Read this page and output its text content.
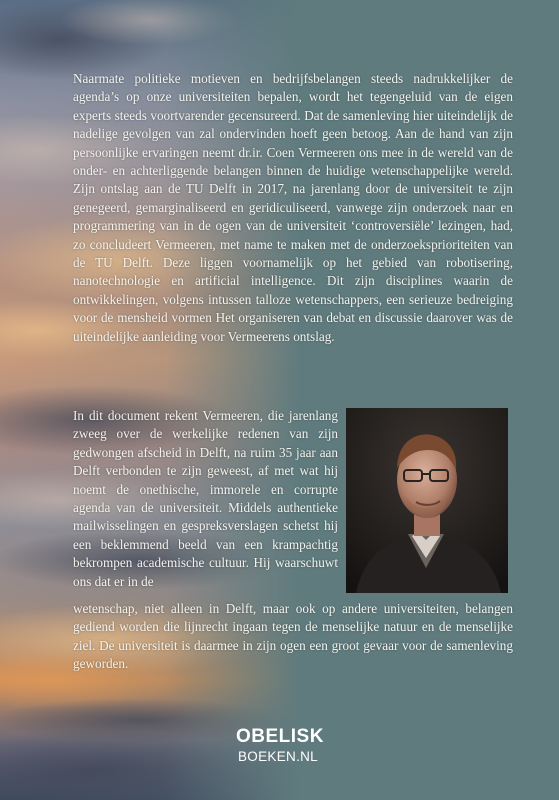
Naarmate politieke motieven en bedrijfsbelangen steeds nadrukkelijker de agenda’s op onze universiteiten bepalen, wordt het tegengeluid van de eigen experts steeds voortvarender gecensureerd. Dat de samenleving hier uiteindelijk de nadelige gevolgen van zal ondervinden hoeft geen betoog. Aan de hand van zijn persoonlijke ervaringen neemt dr.ir. Coen Vermeeren ons mee in de wereld van de onder- en achterliggende belangen binnen de huidige wetenschappelijke wereld. Zijn ontslag aan de TU Delft in 2017, na jarenlang door de universiteit te zijn genegeerd, gemarginaliseerd en geridiculiseerd, vanwege zijn onderzoek naar en programmering van in de ogen van de universiteit ‘controversiële’ lezingen, had, zo concludeert Vermeeren, met name te maken met de onderzoeksprioriteiten van de TU Delft. Deze liggen voornamelijk op het gebied van robotisering, nanotechnologie en artificial intelligence. Dit zijn disciplines waarin de ontwikkelingen, volgens intussen talloze wetenschappers, een serieuze bedreiging voor de mensheid vormen Het organiseren van debat en discussie daarover was de uiteindelijke aanleiding voor Vermeerens ontslag.

In dit document rekent Vermeeren, die jarenlang zweeg over de werkelijke redenen van zijn gedwongen afscheid in Delft, na ruim 35 jaar aan Delft verbonden te zijn geweest, af met wat hij noemt de onethische, immorele en corrupte agenda van de universiteit. Middels authentieke mailwisselingen en gespreksverslagen schetst hij een beklemmend beeld van een krampachtig bekrompen academische cultuur. Hij waarschuwt ons dat er in de

wetenschap, niet alleen in Delft, maar ook op andere universiteiten, belangen gediend worden die lijnrecht ingaan tegen de menselijke natuur en de menselijke ziel. De universiteit is daarmee in zijn ogen een groot gevaar voor de samenleving geworden.

OBELISK
BOEKEN.NL
